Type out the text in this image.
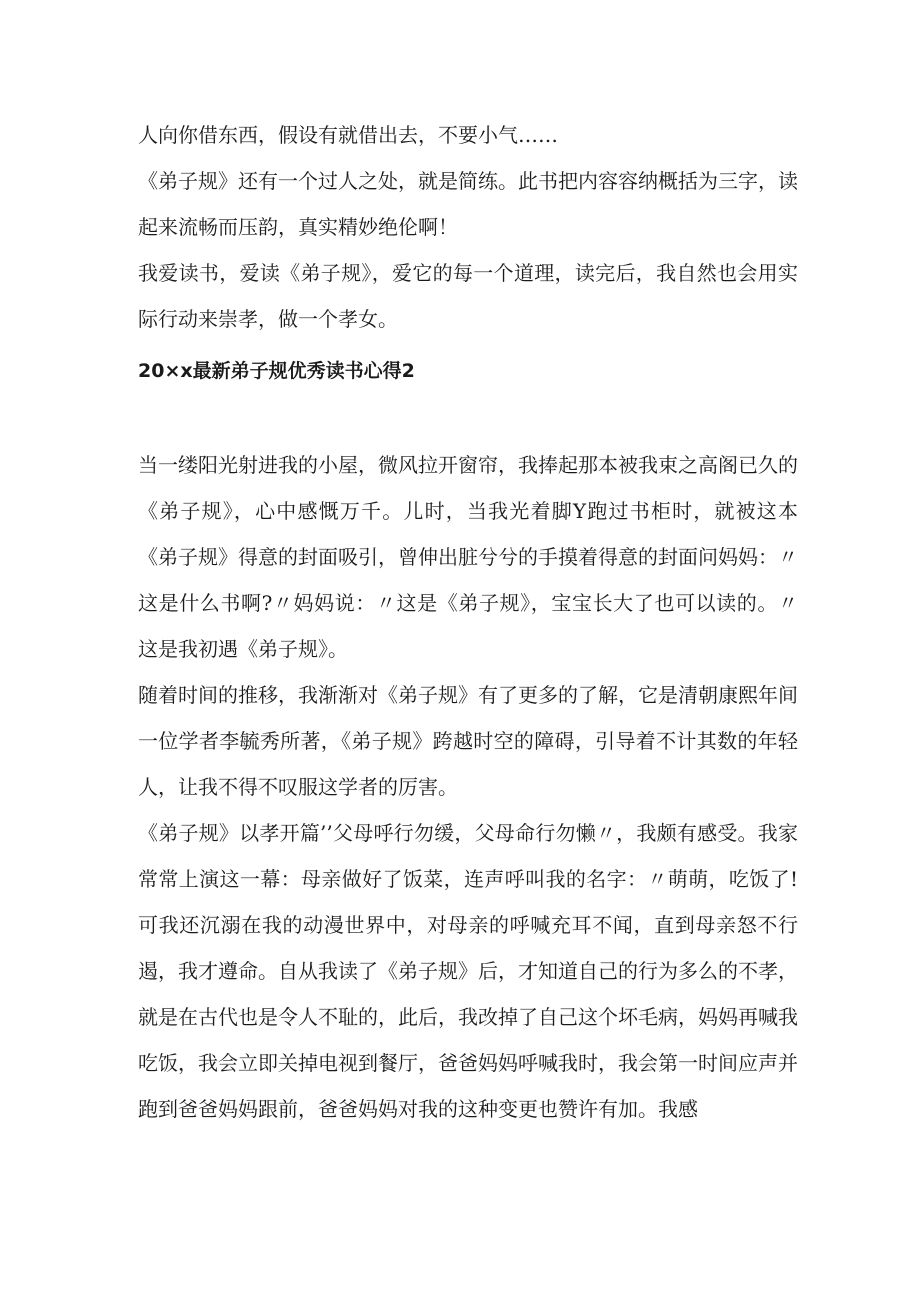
人向你借东西，假设有就借出去，不要小气……

《弟子规》还有一个过人之处，就是简练。此书把内容容纳概括为三字，读起来流畅而压韵，真实精妙绝伦啊！

我爱读书，爱读《弟子规》，爱它的每一个道理，读完后，我自然也会用实际行动来崇孝，做一个孝女。

20×x最新弟子规优秀读书心得2

当一缕阳光射进我的小屋，微风拉开窗帘，我捧起那本被我束之高阁已久的《弟子规》，心中感慨万千。儿时，当我光着脚Y跑过书柜时，就被这本《弟子规》得意的封面吸引，曾伸出脏兮兮的手摸着得意的封面问妈妈：〃这是什么书啊?〃妈妈说：〃这是《弟子规》，宝宝长大了也可以读的。〃这是我初遇《弟子规》。

随着时间的推移，我渐渐对《弟子规》有了更多的了解，它是清朝康熙年间一位学者李毓秀所著，《弟子规》跨越时空的障碍，引导着不计其数的年轻人，让我不得不叹服这学者的厉害。

《弟子规》以孝开篇’’父母呼行勿缓，父母命行勿懒〃，我颇有感受。我家常常上演这一幕：母亲做好了饭菜，连声呼叫我的名字：〃萌萌，吃饭了!可我还沉溺在我的动漫世界中，对母亲的呼喊充耳不闻，直到母亲怒不行遏，我才遵命。自从我读了《弟子规》后，才知道自己的行为多么的不孝，就是在古代也是令人不耻的，此后，我改掉了自己这个坏毛病，妈妈再喊我吃饭，我会立即关掉电视到餐厅，爸爸妈妈呼喊我时，我会第一时间应声并跑到爸爸妈妈跟前，爸爸妈妈对我的这种变更也赞许有加。我感
